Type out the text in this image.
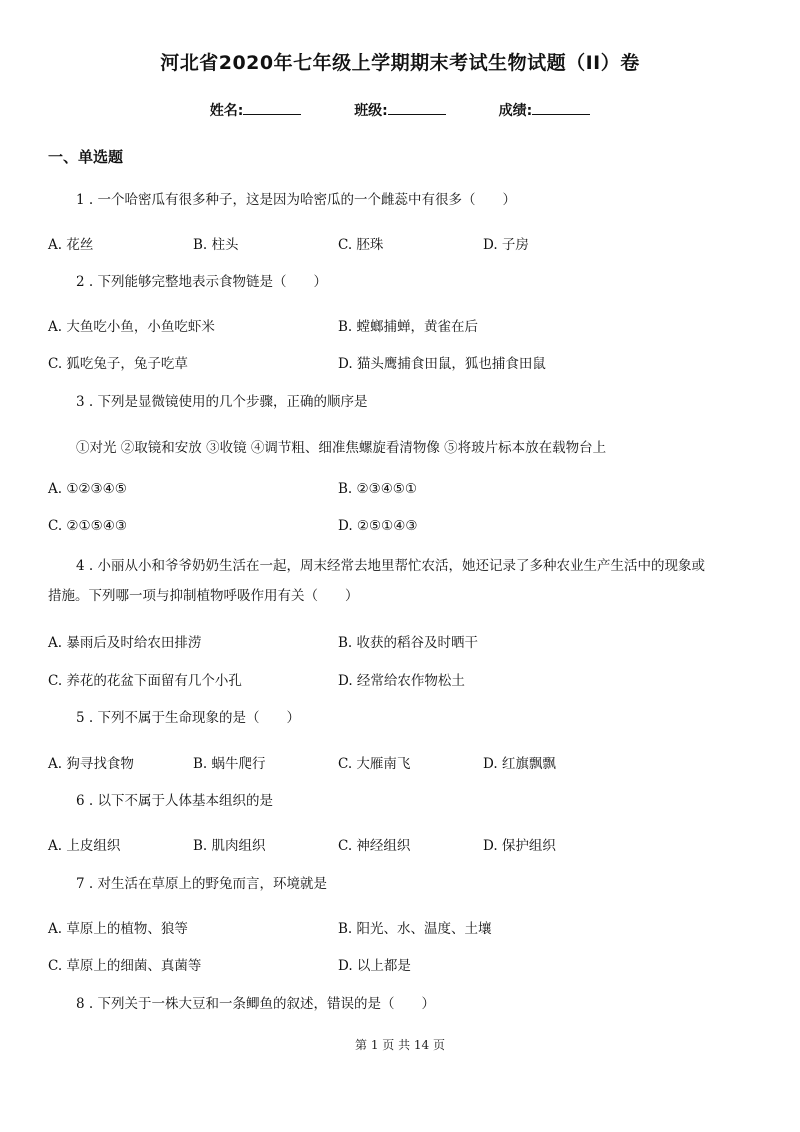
河北省2020年七年级上学期期末考试生物试题（II）卷
姓名:	班级:	成绩:
一、单选题
1 . 一个哈密瓜有很多种子，这是因为哈密瓜的一个雌蕊中有很多（　　）
A. 花丝	B. 柱头	C. 胚珠	D. 子房
2 . 下列能够完整地表示食物链是（　　）
A. 大鱼吃小鱼，小鱼吃虾米	B. 螳螂捕蝉，黄雀在后
C. 狐吃兔子，兔子吃草	D. 猫头鹰捕食田鼠，狐也捕食田鼠
3 . 下列是显微镜使用的几个步骤，正确的顺序是
①对光 ②取镜和安放 ③收镜 ④调节粗、细准焦螺旋看清物像 ⑤将玻片标本放在载物台上
A. ①②③④⑤	B. ②③④⑤①
C. ②①⑤④③	D. ②⑤①④③
4 . 小丽从小和爷爷奶奶生活在一起，周末经常去地里帮忙农活，她还记录了多种农业生产生活中的现象或
措施。下列哪一项与抑制植物呼吸作用有关（　　）
A. 暴雨后及时给农田排涝	B. 收获的稻谷及时晒干
C. 养花的花盆下面留有几个小孔	D. 经常给农作物松土
5 . 下列不属于生命现象的是（　　）
A. 狗寻找食物	B. 蜗牛爬行	C. 大雁南飞	D. 红旗飘飘
6 . 以下不属于人体基本组织的是
A. 上皮组织	B. 肌肉组织	C. 神经组织	D. 保护组织
7 . 对生活在草原上的野兔而言，环境就是
A. 草原上的植物、狼等	B. 阳光、水、温度、土壤
C. 草原上的细菌、真菌等	D. 以上都是
8 . 下列关于一株大豆和一条鲫鱼的叙述，错误的是（　　）
第 1 页 共 14 页
